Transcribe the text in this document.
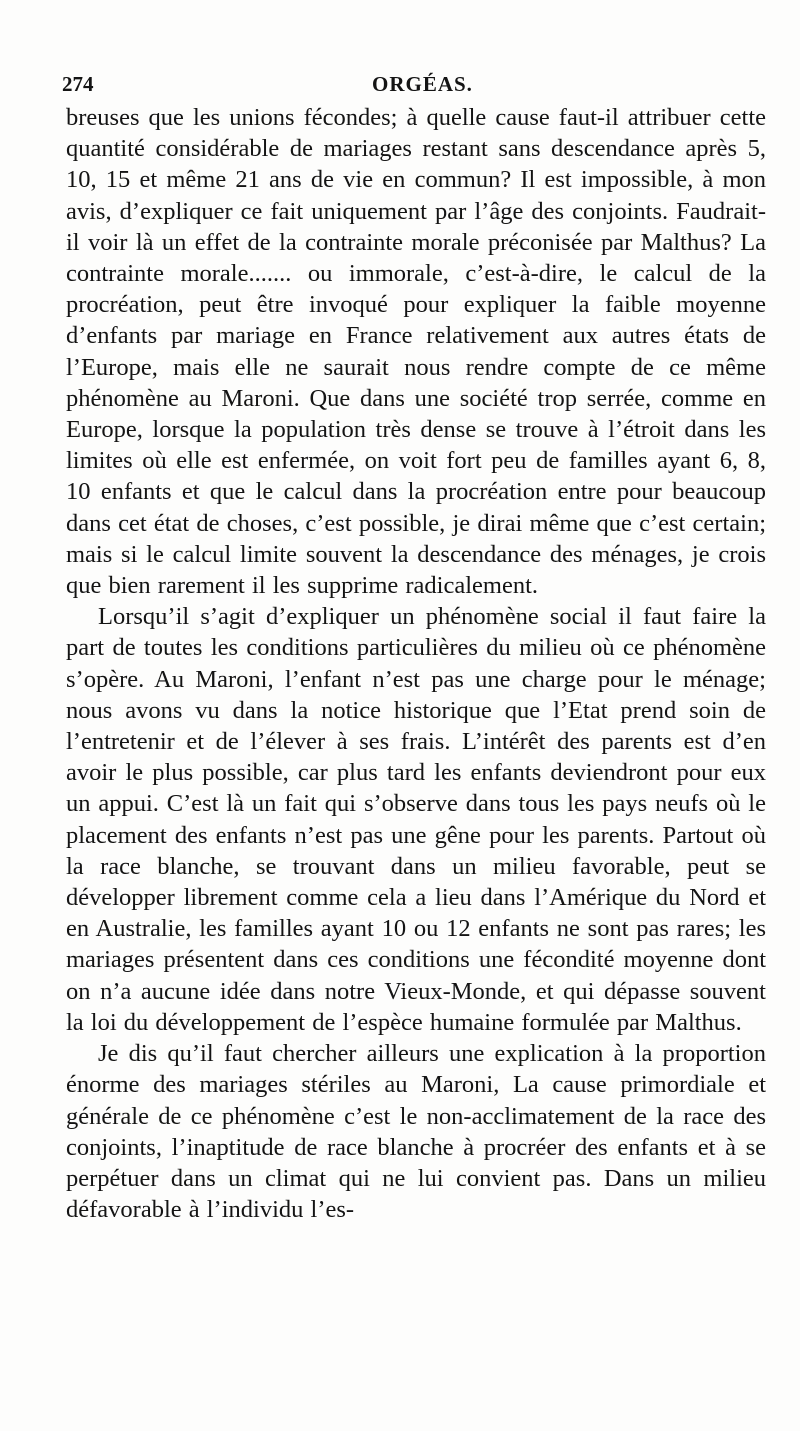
274	ORGÉAS.

breuses que les unions fécondes; à quelle cause faut-il attribuer cette quantité considérable de mariages restant sans descendance après 5, 10, 15 et même 21 ans de vie en commun? Il est impossible, à mon avis, d’expliquer ce fait uniquement par l’âge des conjoints. Faudrait-il voir là un effet de la contrainte morale préconisée par Malthus? La contrainte morale....... ou immorale, c’est-à-dire, le calcul de la procréation, peut être invoqué pour expliquer la faible moyenne d’enfants par mariage en France relativement aux autres états de l’Europe, mais elle ne saurait nous rendre compte de ce même phénomène au Maroni. Que dans une société trop serrée, comme en Europe, lorsque la population très dense se trouve à l’étroit dans les limites où elle est enfermée, on voit fort peu de familles ayant 6, 8, 10 enfants et que le calcul dans la procréation entre pour beaucoup dans cet état de choses, c’est possible, je dirai même que c’est certain; mais si le calcul limite souvent la descendance des ménages, je crois que bien rarement il les supprime radicalement.

Lorsqu’il s’agit d’expliquer un phénomène social il faut faire la part de toutes les conditions particulières du milieu où ce phénomène s’opère. Au Maroni, l’enfant n’est pas une charge pour le ménage; nous avons vu dans la notice historique que l’Etat prend soin de l’entretenir et de l’élever à ses frais. L’intérêt des parents est d’en avoir le plus possible, car plus tard les enfants deviendront pour eux un appui. C’est là un fait qui s’observe dans tous les pays neufs où le placement des enfants n’est pas une gêne pour les parents. Partout où la race blanche, se trouvant dans un milieu favorable, peut se développer librement comme cela a lieu dans l’Amérique du Nord et en Australie, les familles ayant 10 ou 12 enfants ne sont pas rares; les mariages présentent dans ces conditions une fécondité moyenne dont on n’a aucune idée dans notre Vieux-Monde, et qui dépasse souvent la loi du développement de l’espèce humaine formulée par Malthus.

Je dis qu’il faut chercher ailleurs une explication à la proportion énorme des mariages stériles au Maroni, La cause primordiale et générale de ce phénomène c’est le non-acclimatement de la race des conjoints, l’inaptitude de race blanche à procréer des enfants et à se perpétuer dans un climat qui ne lui convient pas. Dans un milieu défavorable à l’individu l’es-
